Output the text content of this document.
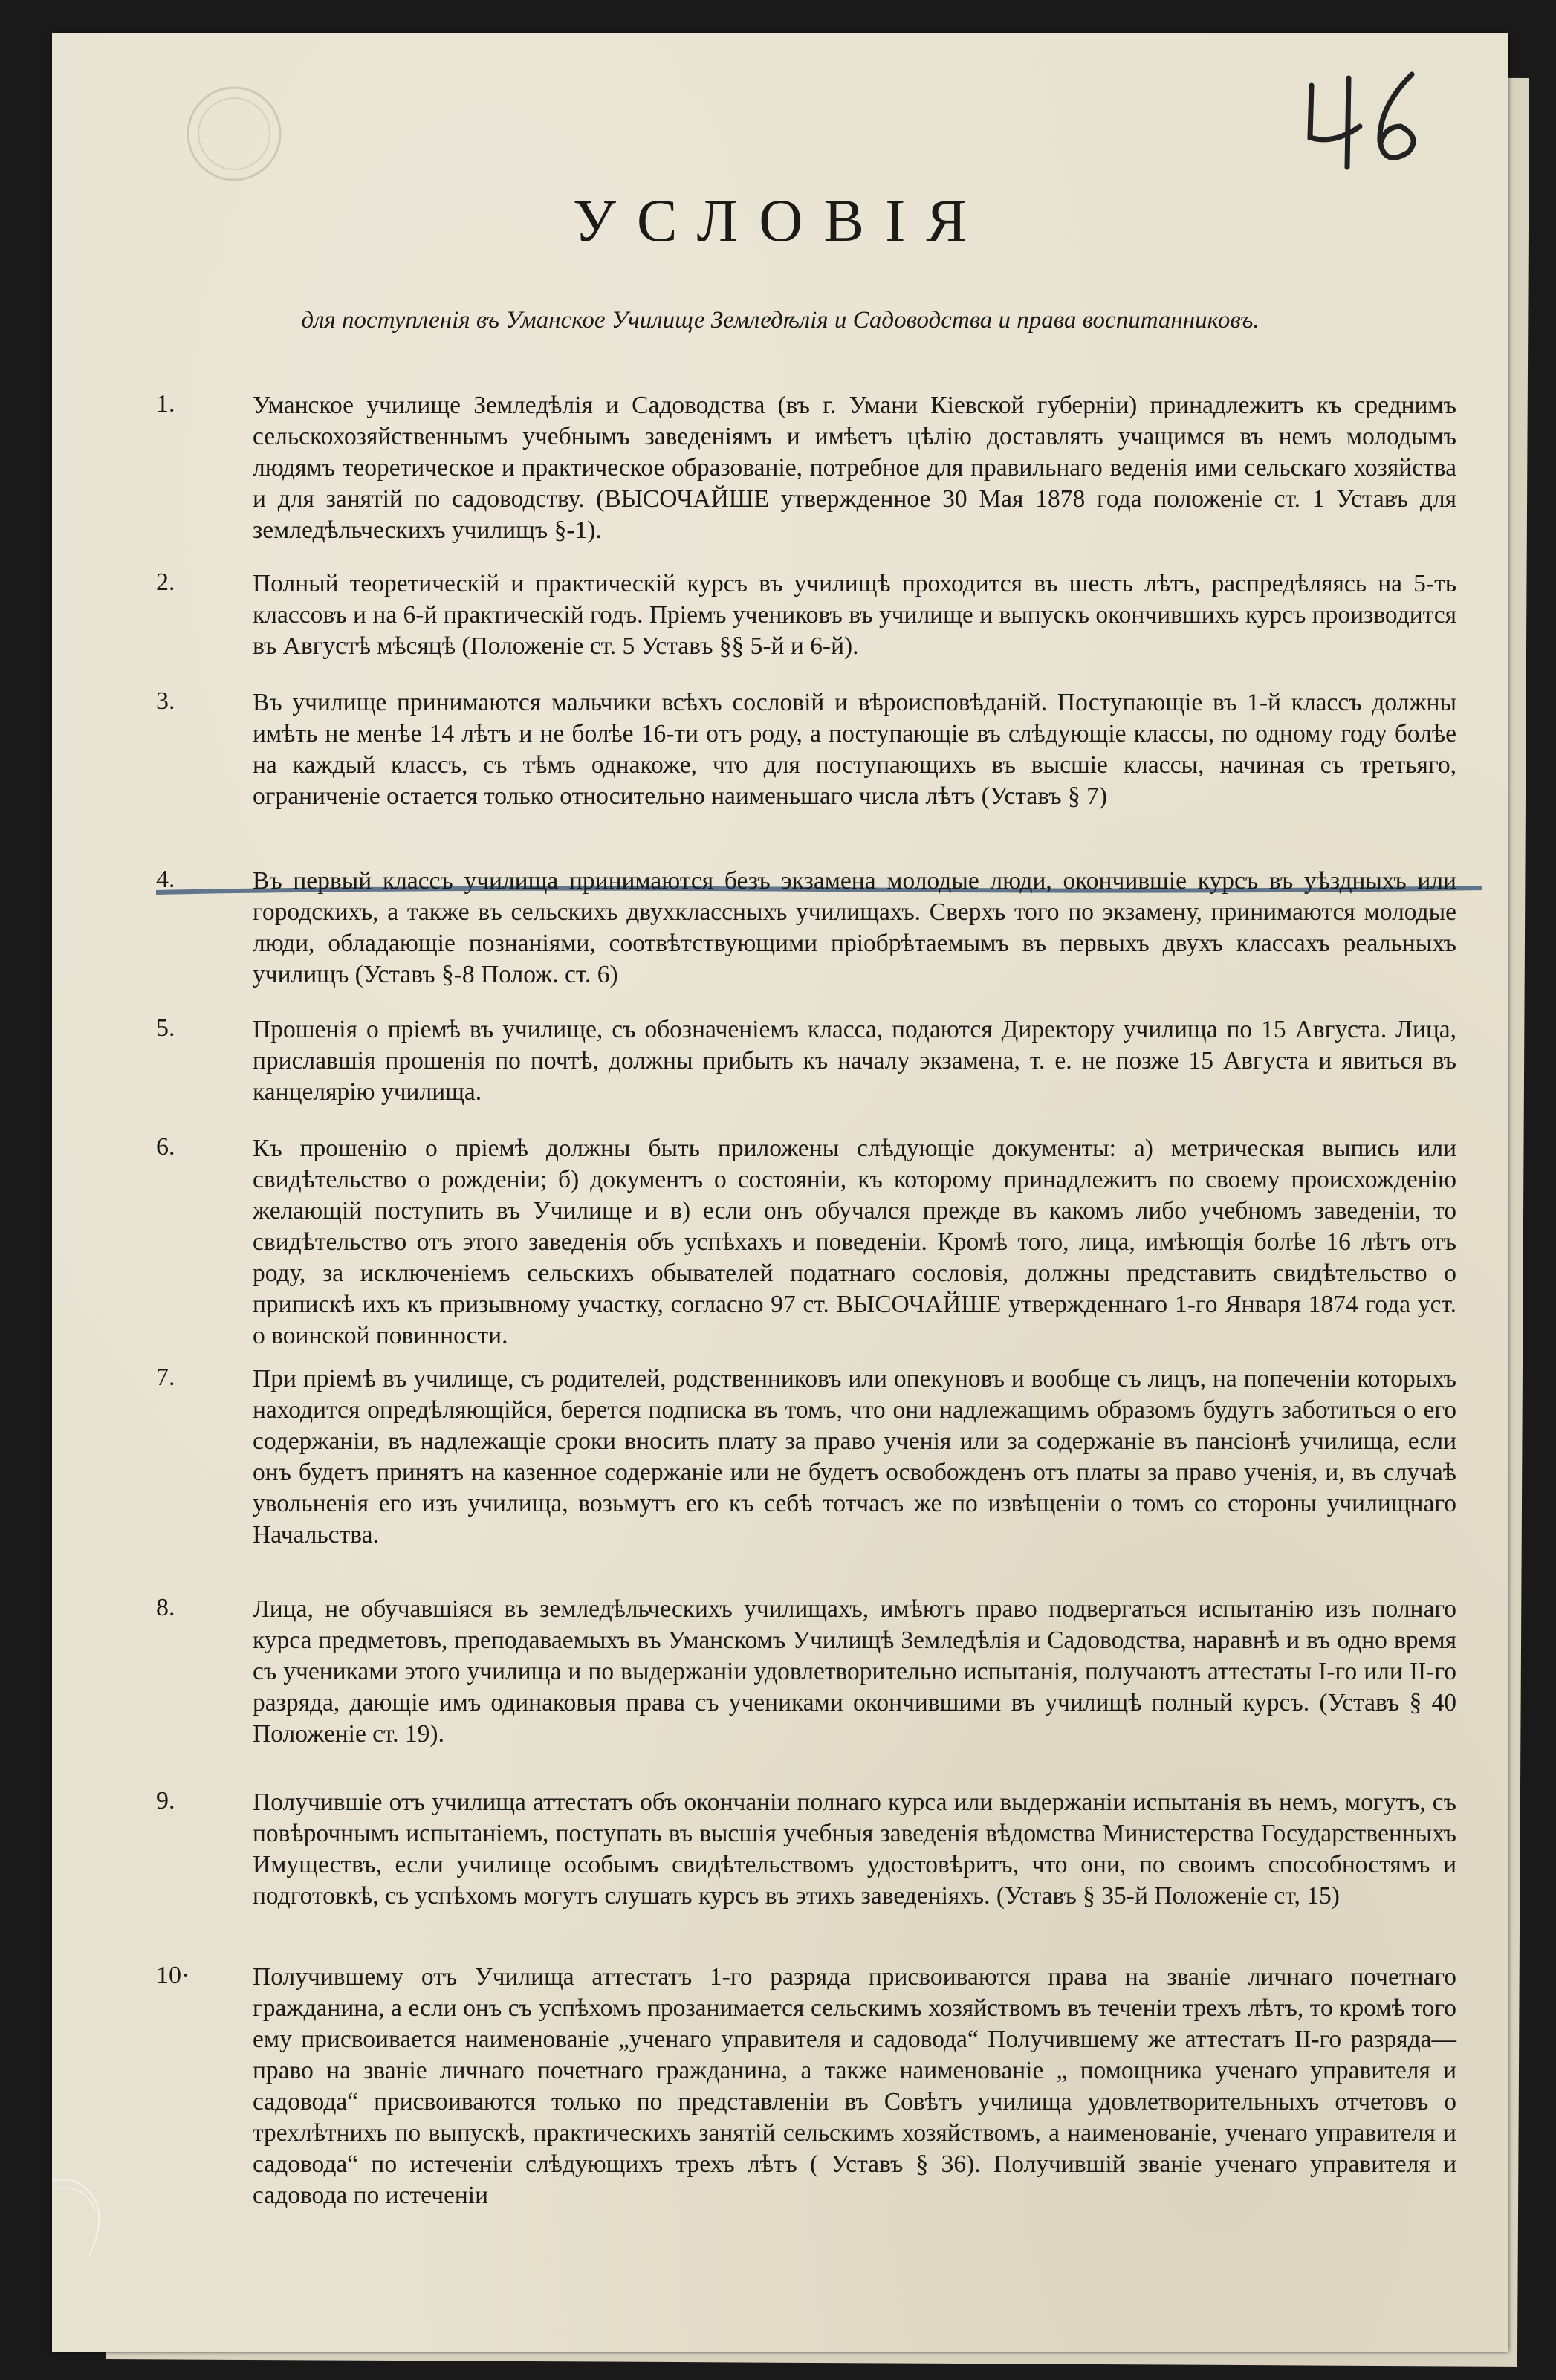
УСЛОВІЯ
для поступленія въ Уманское Училище Земледѣлія и Садоводства и права воспитанниковъ.
1.	Уманское училище Земледѣлія и Садоводства (въ г. Умани Кіевской губерніи) принадлежитъ къ среднимъ сельскохозяйственнымъ учебнымъ заведеніямъ и имѣетъ цѣлію доставлять учащимся въ немъ молодымъ людямъ теоретическое и практическое образованіе, потребное для правильнаго веденія ими сельскаго хозяйства и для занятій по садоводству. (ВЫСОЧАЙШЕ утвержденное 30 Мая 1878 года положеніе ст. 1 Уставъ для земледѣльческихъ училищъ §-1).
2.	Полный теоретическій и практическій курсъ въ училищѣ проходится въ шесть лѣтъ, распредѣляясь на 5-ть классовъ и на 6-й практическій годъ. Пріемъ учениковъ въ училище и выпускъ окончившихъ курсъ производится въ Августѣ мѣсяцѣ (Положеніе ст. 5 Уставъ §§ 5-й и 6-й).
3.	Въ училище принимаются мальчики всѣхъ сословій и вѣроисповѣданій. Поступающіе въ 1-й классъ должны имѣть не менѣе 14 лѣтъ и не болѣе 16-ти отъ роду, а поступающіе въ слѣдующіе классы, по одному году болѣе на каждый классъ, съ тѣмъ однакоже, что для поступающихъ въ высшіе классы, начиная съ третьяго, ограниченіе остается только относительно наименьшаго числа лѣтъ (Уставъ § 7)
4.	Въ первый классъ училища принимаются безъ экзамена молодые люди, окончившіе курсъ въ уѣздныхъ или городскихъ, а также въ сельскихъ двухклассныхъ училищахъ. Сверхъ того по экзамену, принимаются молодые люди, обладающіе познаніями, соотвѣтствующими пріобрѣтаемымъ въ первыхъ двухъ классахъ реальныхъ училищъ (Уставъ §-8 Полож. ст. 6)
5.	Прошенія о пріемѣ въ училище, съ обозначеніемъ класса, подаются Директору училища по 15 Августа. Лица, приславшія прошенія по почтѣ, должны прибыть къ началу экзамена, т. е. не позже 15 Августа и явиться въ канцелярію училища.
6.	Къ прошенію о пріемѣ должны быть приложены слѣдующіе документы: а) метрическая выпись или свидѣтельство о рожденіи; б) документъ о состояніи, къ которому принадлежитъ по своему происхожденію желающій поступить въ Училище и в) если онъ обучался прежде въ какомъ либо учебномъ заведеніи, то свидѣтельство отъ этого заведенія объ успѣхахъ и поведеніи. Кромѣ того, лица, имѣющія болѣе 16 лѣтъ отъ роду, за исключеніемъ сельскихъ обывателей податнаго сословія, должны представить свидѣтельство о припискѣ ихъ къ призывному участку, согласно 97 ст. ВЫСОЧАЙШЕ утвержденнаго 1-го Января 1874 года уст. о воинской повинности.
7.	При пріемѣ въ училище, съ родителей, родственниковъ или опекуновъ и вообще съ лицъ, на попеченіи которыхъ находится опредѣляющійся, берется подписка въ томъ, что они надлежащимъ образомъ будутъ заботиться о его содержаніи, въ надлежащіе сроки вносить плату за право ученія или за содержаніе въ пансіонѣ училища, если онъ будетъ принятъ на казенное содержаніе или не будетъ освобожденъ отъ платы за право ученія, и, въ случаѣ увольненія его изъ училища, возьмутъ его къ себѣ тотчасъ же по извѣщеніи о томъ со стороны училищнаго Начальства.
8.	Лица, не обучавшіяся въ земледѣльческихъ училищахъ, имѣютъ право подвергаться испытанію изъ полнаго курса предметовъ, преподаваемыхъ въ Уманскомъ Училищѣ Земледѣлія и Садоводства, наравнѣ и въ одно время съ учениками этого училища и по выдержаніи удовлетворительно испытанія, получаютъ аттестаты I-го или II-го разряда, дающіе имъ одинаковыя права съ учениками окончившими въ училищѣ полный курсъ. (Уставъ § 40 Положеніе ст. 19).
9.	Получившіе отъ училища аттестатъ объ окончаніи полнаго курса или выдержаніи испытанія въ немъ, могутъ, съ повѣрочнымъ испытаніемъ, поступать въ высшія учебныя заведенія вѣдомства Министерства Государственныхъ Имуществъ, если училище особымъ свидѣтельствомъ удостовѣритъ, что они, по своимъ способностямъ и подготовкѣ, съ успѣхомъ могутъ слушать курсъ въ этихъ заведеніяхъ. (Уставъ § 35-й Положеніе ст, 15)
10·	Получившему отъ Училища аттестатъ 1-го разряда присвоиваются права на званіе личнаго почетнаго гражданина, а если онъ съ успѣхомъ прозанимается сельскимъ хозяйствомъ въ теченіи трехъ лѣтъ, то кромѣ того ему присвоивается наименованіе „ученаго управителя и садовода“ Получившему же аттестатъ II-го разряда—право на званіе личнаго почетнаго гражданина, а также наименованіе „ помощника ученаго управителя и садовода“ присвоиваются только по представленіи въ Совѣтъ училища удовлетворительныхъ отчетовъ о трехлѣтнихъ по выпускѣ, практическихъ занятій сельскимъ хозяйствомъ, а наименованіе, ученаго управителя и садовода“ по истеченіи слѣдующихъ трехъ лѣтъ ( Уставъ § 36). Получившій званіе ученаго управителя и садовода по истеченіи
